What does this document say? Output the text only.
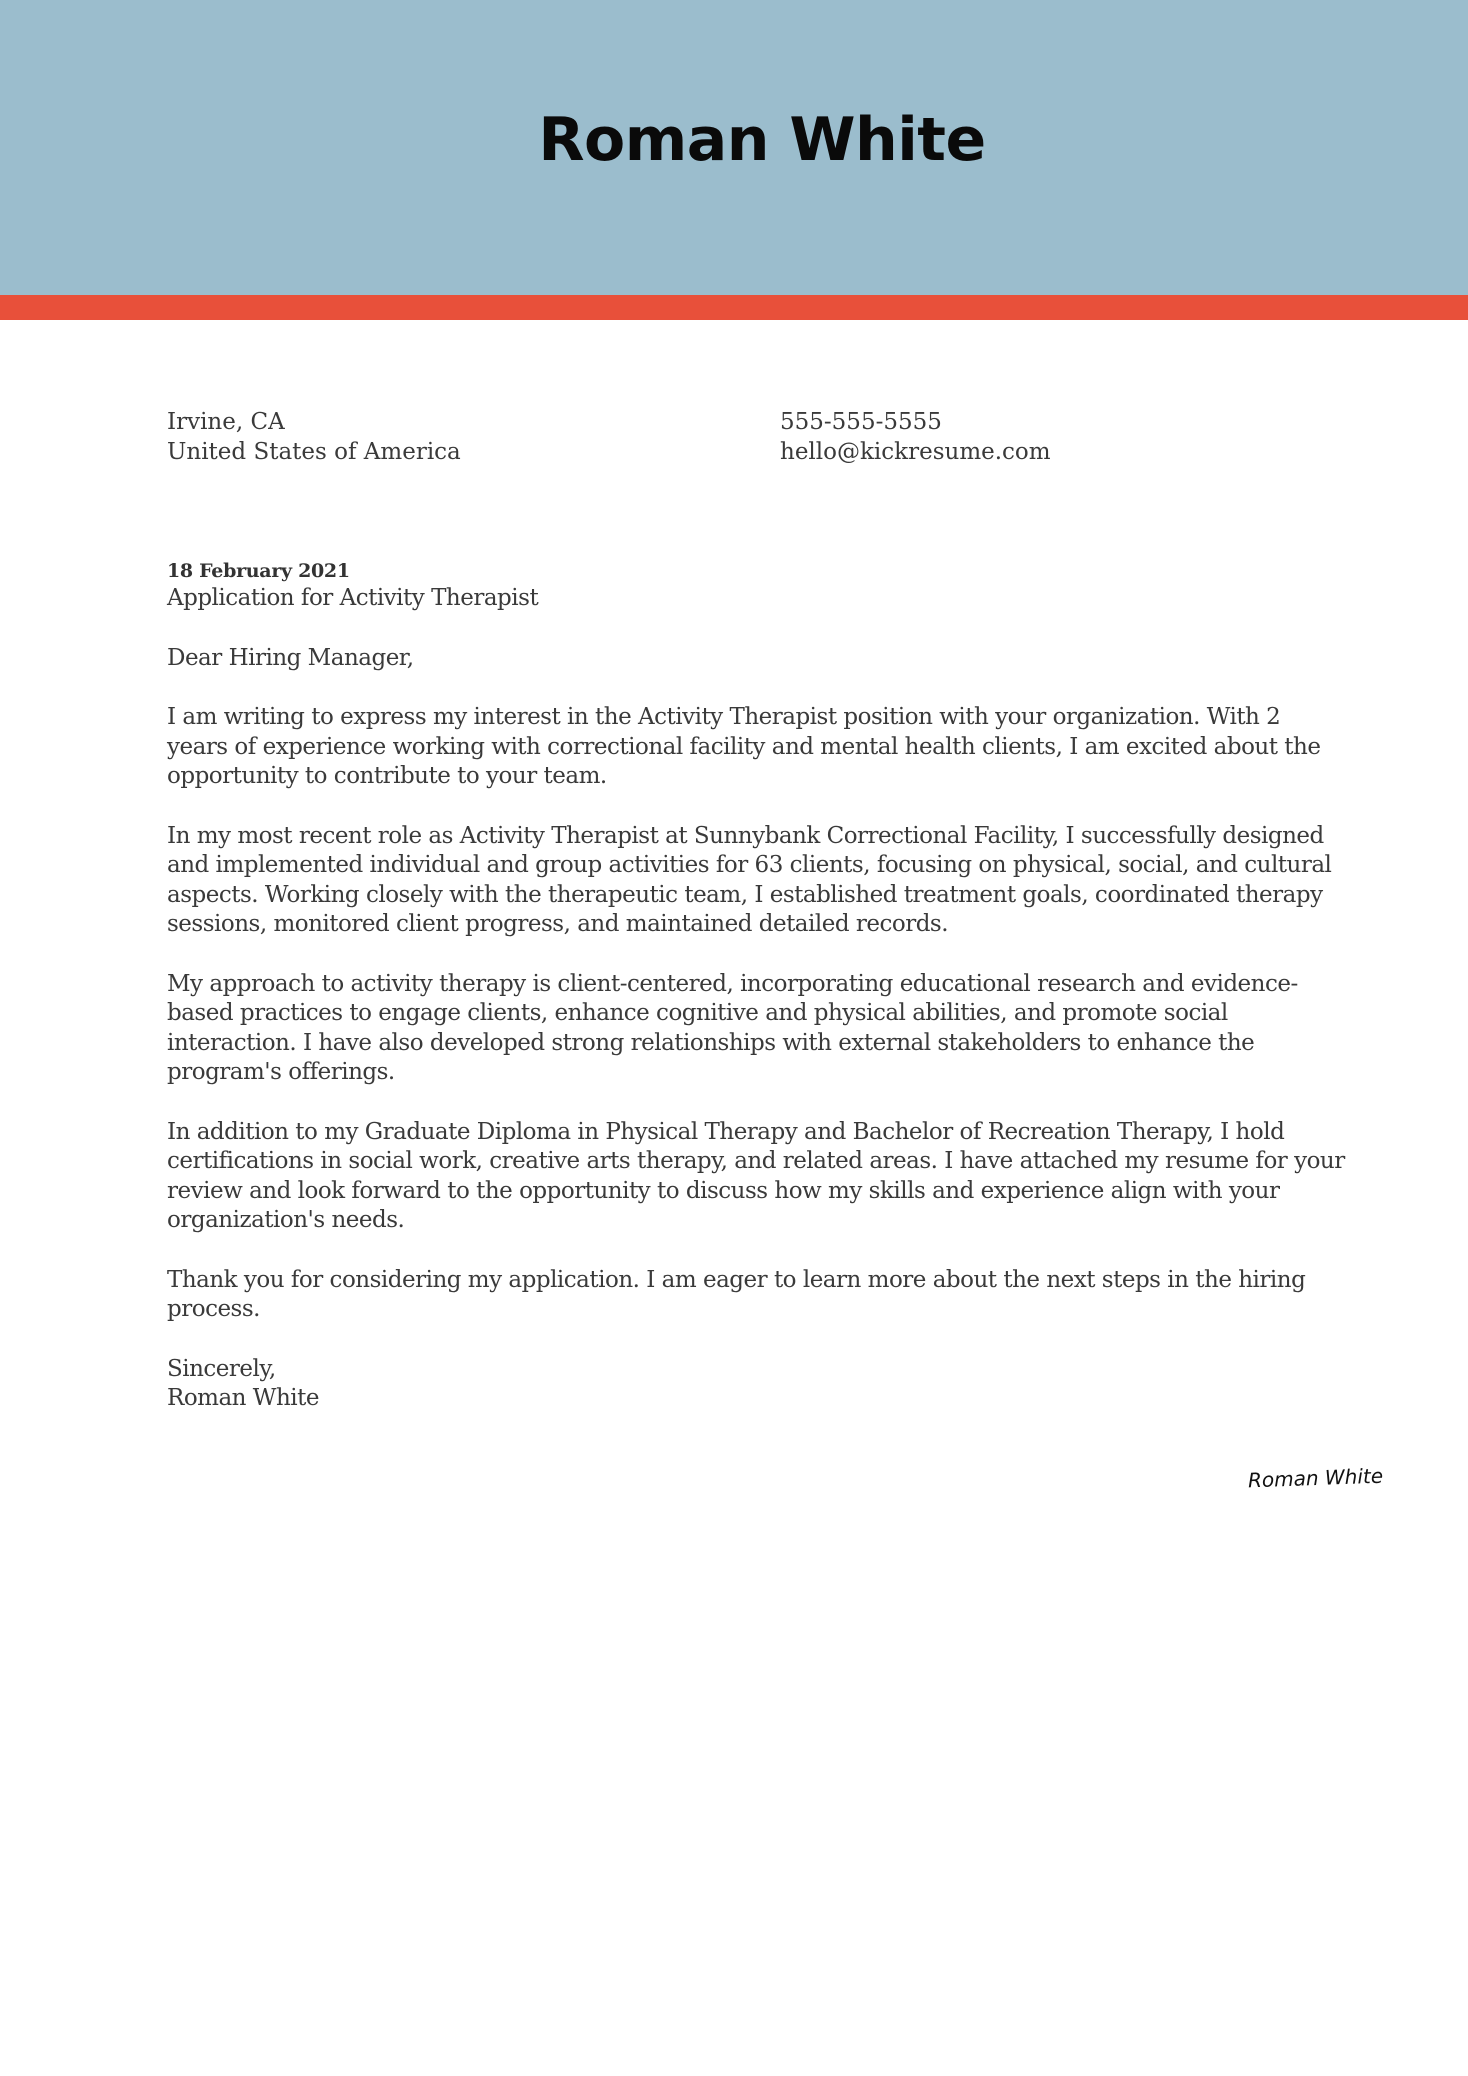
Roman White
Irvine, CA
United States of America
555-555-5555
hello@kickresume.com
18 February 2021
Application for Activity Therapist
Dear Hiring Manager,
I am writing to express my interest in the Activity Therapist position with your organization. With 2
years of experience working with correctional facility and mental health clients, I am excited about the
opportunity to contribute to your team.
In my most recent role as Activity Therapist at Sunnybank Correctional Facility, I successfully designed
and implemented individual and group activities for 63 clients, focusing on physical, social, and cultural
aspects. Working closely with the therapeutic team, I established treatment goals, coordinated therapy
sessions, monitored client progress, and maintained detailed records.
My approach to activity therapy is client-centered, incorporating educational research and evidence-
based practices to engage clients, enhance cognitive and physical abilities, and promote social
interaction. I have also developed strong relationships with external stakeholders to enhance the
program's offerings.
In addition to my Graduate Diploma in Physical Therapy and Bachelor of Recreation Therapy, I hold
certifications in social work, creative arts therapy, and related areas. I have attached my resume for your
review and look forward to the opportunity to discuss how my skills and experience align with your
organization's needs.
Thank you for considering my application. I am eager to learn more about the next steps in the hiring
process.
Sincerely,
Roman White
Roman White
